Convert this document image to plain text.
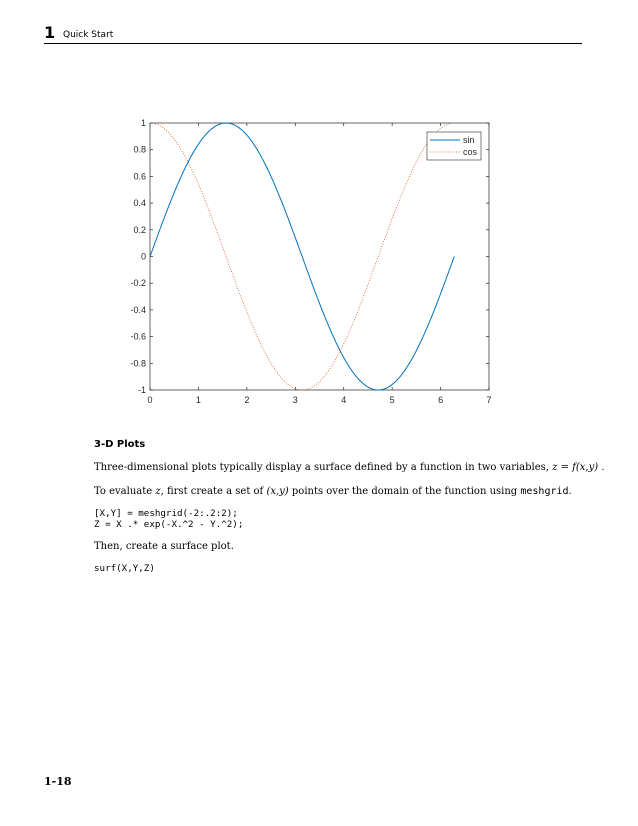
1 Quick Start
0	1	2	3	4	5	6	7
1
0.8
0.6
0.4
0.2
0
-0.2
-0.4
-0.6
-0.8
-1
sin
cos
3-D Plots
Three-dimensional plots typically display a surface defined by a function in two variables, z = f(x,y) .
To evaluate z, first create a set of (x,y) points over the domain of the function using meshgrid.
[X,Y] = meshgrid(-2:.2:2);
Z = X .* exp(-X.^2 - Y.^2);
Then, create a surface plot.
surf(X,Y,Z)
1-18
